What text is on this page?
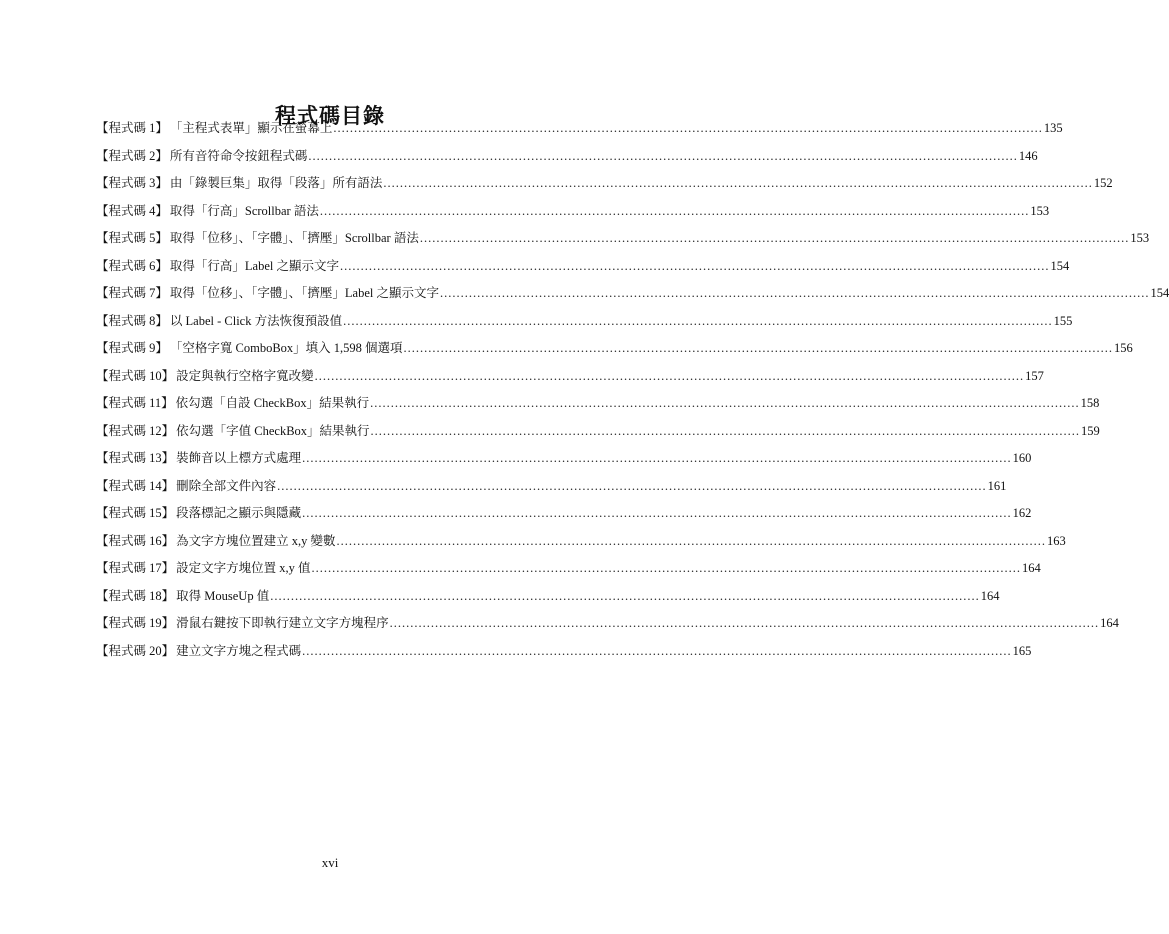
程式碼目錄
【程式碼 1】 「主程式表單」顯示在螢幕上 .....	135
【程式碼 2】 所有音符命令按鈕程式碼 .....	146
【程式碼 3】 由「錄製巨集」取得「段落」所有語法 .....	152
【程式碼 4】 取得「行高」Scrollbar 語法 .....	153
【程式碼 5】 取得「位移」、「字體」、「擠壓」Scrollbar 語法 .....	153
【程式碼 6】 取得「行高」Label 之顯示文字 .....	154
【程式碼 7】 取得「位移」、「字體」、「擠壓」Label 之顯示文字 .....	154
【程式碼 8】 以 Label - Click 方法恢復預設值 .....	155
【程式碼 9】 「空格字寬 ComboBox」填入 1,598 個選項 .....	156
【程式碼 10】 設定與執行空格字寬改變 .....	157
【程式碼 11】 依勾選「自設 CheckBox」結果執行 .....	158
【程式碼 12】 依勾選「字值 CheckBox」結果執行 .....	159
【程式碼 13】 裝飾音以上標方式處理 .....	160
【程式碼 14】 刪除全部文件內容 .....	161
【程式碼 15】 段落標記之顯示與隱藏 .....	162
【程式碼 16】 為文字方塊位置建立 x,y 變數 .....	163
【程式碼 17】 設定文字方塊位置 x,y 值 .....	164
【程式碼 18】 取得 MouseUp 值 .....	164
【程式碼 19】 滑鼠右鍵按下即執行建立文字方塊程序 .....	164
【程式碼 20】 建立文字方塊之程式碼 .....	165
xvi
